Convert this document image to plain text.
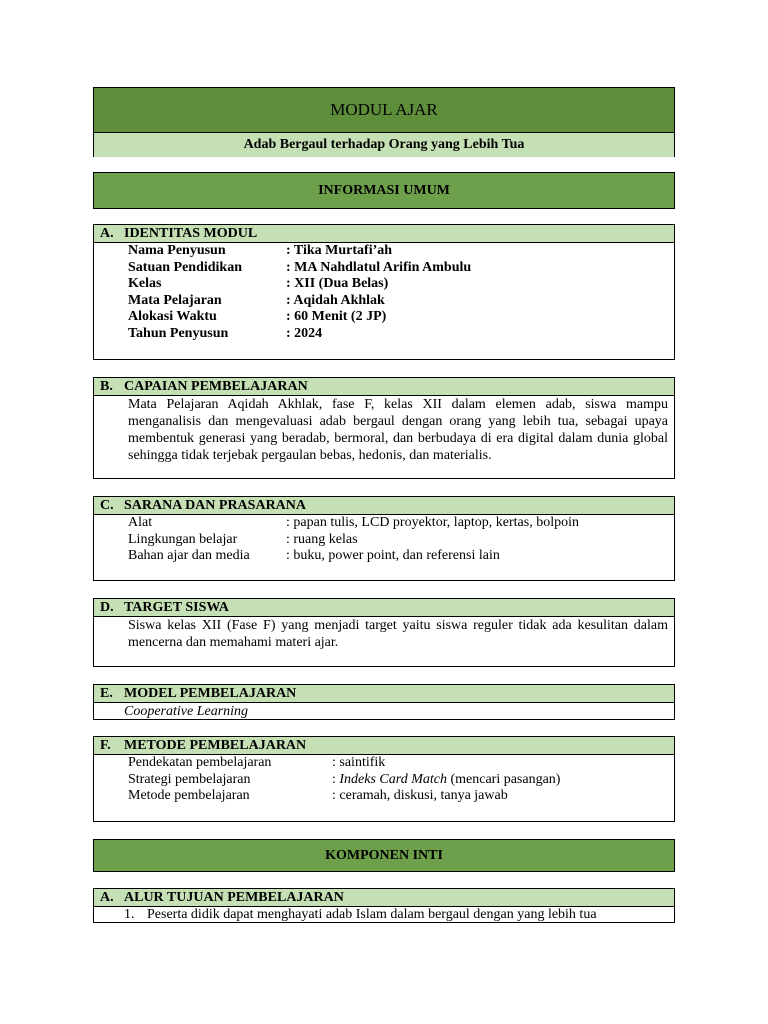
MODUL AJAR
Adab Bergaul terhadap Orang yang Lebih Tua
INFORMASI UMUM
A. IDENTITAS MODUL
Nama Penyusun	: Tika Murtafi’ah
Satuan Pendidikan	: MA Nahdlatul Arifin Ambulu
Kelas	: XII (Dua Belas)
Mata Pelajaran	: Aqidah Akhlak
Alokasi Waktu	: 60 Menit (2 JP)
Tahun Penyusun	: 2024
B. CAPAIAN PEMBELAJARAN
Mata Pelajaran Aqidah Akhlak, fase F, kelas XII dalam elemen adab, siswa mampu menganalisis dan mengevaluasi adab bergaul dengan orang yang lebih tua, sebagai upaya membentuk generasi yang beradab, bermoral, dan berbudaya di era digital dalam dunia global sehingga tidak terjebak pergaulan bebas, hedonis, dan materialis.
C. SARANA DAN PRASARANA
Alat	: papan tulis, LCD proyektor, laptop, kertas, bolpoin
Lingkungan belajar	: ruang kelas
Bahan ajar dan media	: buku, power point, dan referensi lain
D. TARGET SISWA
Siswa kelas XII (Fase F) yang menjadi target yaitu siswa reguler tidak ada kesulitan dalam mencerna dan memahami materi ajar.
E. MODEL PEMBELAJARAN
Cooperative Learning
F. METODE PEMBELAJARAN
Pendekatan pembelajaran	: saintifik
Strategi pembelajaran	: Indeks Card Match (mencari pasangan)
Metode pembelajaran	: ceramah, diskusi, tanya jawab
KOMPONEN INTI
A. ALUR TUJUAN PEMBELAJARAN
1. Peserta didik dapat menghayati adab Islam dalam bergaul dengan yang lebih tua
